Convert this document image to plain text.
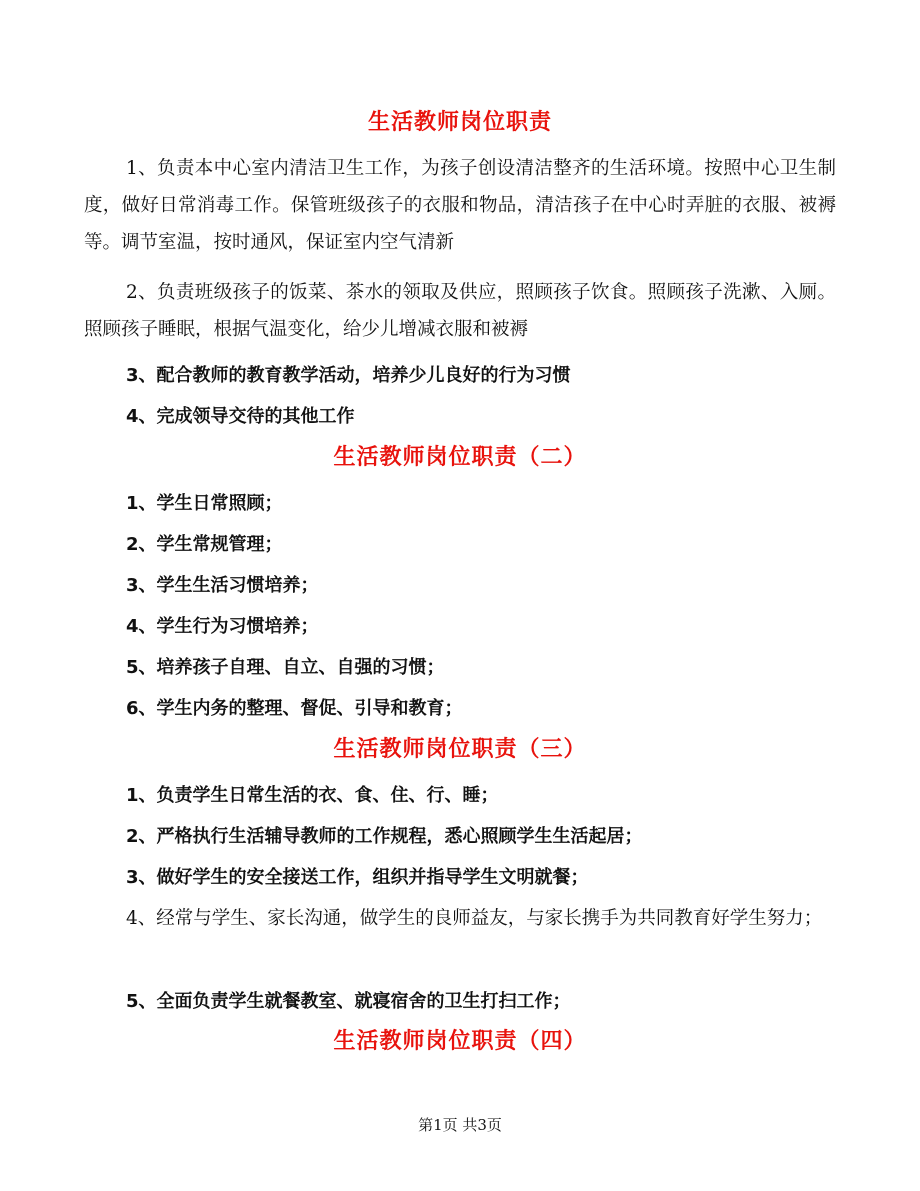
生活教师岗位职责
1、负责本中心室内清洁卫生工作，为孩子创设清洁整齐的生活环境。按照中心卫生制度，做好日常消毒工作。保管班级孩子的衣服和物品，清洁孩子在中心时弄脏的衣服、被褥等。调节室温，按时通风，保证室内空气清新
2、负责班级孩子的饭菜、茶水的领取及供应，照顾孩子饮食。照顾孩子洗漱、入厕。照顾孩子睡眠，根据气温变化，给少儿增减衣服和被褥
3、配合教师的教育教学活动，培养少儿良好的行为习惯
4、完成领导交待的其他工作
生活教师岗位职责（二）
1、学生日常照顾；
2、学生常规管理；
3、学生生活习惯培养；
4、学生行为习惯培养；
5、培养孩子自理、自立、自强的习惯；
6、学生内务的整理、督促、引导和教育；
生活教师岗位职责（三）
1、负责学生日常生活的衣、食、住、行、睡；
2、严格执行生活辅导教师的工作规程，悉心照顾学生生活起居；
3、做好学生的安全接送工作，组织并指导学生文明就餐；
4、经常与学生、家长沟通，做学生的良师益友，与家长携手为共同教育好学生努力；
5、全面负责学生就餐教室、就寝宿舍的卫生打扫工作；
生活教师岗位职责（四）
第1页 共3页
